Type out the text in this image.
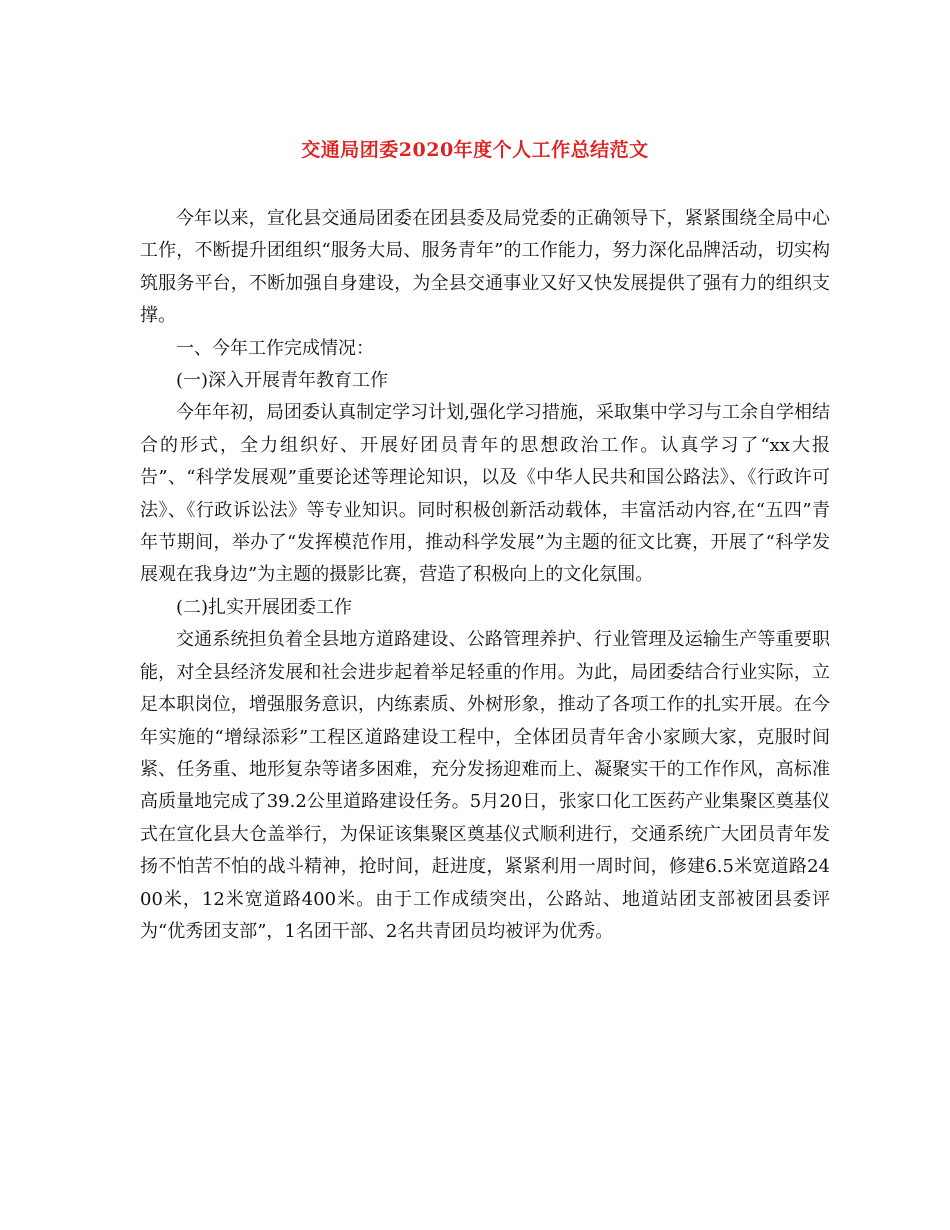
交通局团委2020年度个人工作总结范文

今年以来，宣化县交通局团委在团县委及局党委的正确领导下，紧紧围绕全局中心工作，不断提升团组织“服务大局、服务青年”的工作能力，努力深化品牌活动，切实构筑服务平台，不断加强自身建设，为全县交通事业又好又快发展提供了强有力的组织支撑。

一、今年工作完成情况：

(一)深入开展青年教育工作

今年年初，局团委认真制定学习计划,强化学习措施，采取集中学习与工余自学相结合的形式，全力组织好、开展好团员青年的思想政治工作。认真学习了“xx大报告”、“科学发展观”重要论述等理论知识，以及《中华人民共和国公路法》、《行政许可法》、《行政诉讼法》等专业知识。同时积极创新活动载体，丰富活动内容,在“五四”青年节期间，举办了“发挥模范作用，推动科学发展”为主题的征文比赛，开展了“科学发展观在我身边”为主题的摄影比赛，营造了积极向上的文化氛围。

(二)扎实开展团委工作

交通系统担负着全县地方道路建设、公路管理养护、行业管理及运输生产等重要职能，对全县经济发展和社会进步起着举足轻重的作用。为此，局团委结合行业实际，立足本职岗位，增强服务意识，内练素质、外树形象，推动了各项工作的扎实开展。在今年实施的“增绿添彩”工程区道路建设工程中，全体团员青年舍小家顾大家，克服时间紧、任务重、地形复杂等诸多困难，充分发扬迎难而上、凝聚实干的工作作风，高标准高质量地完成了39.2公里道路建设任务。5月20日，张家口化工医药产业集聚区奠基仪式在宣化县大仓盖举行，为保证该集聚区奠基仪式顺利进行，交通系统广大团员青年发扬不怕苦不怕的战斗精神，抢时间，赶进度，紧紧利用一周时间，修建6.5米宽道路2400米，12米宽道路400米。由于工作成绩突出，公路站、地道站团支部被团县委评为“优秀团支部”，1名团干部、2名共青团员均被评为优秀。
